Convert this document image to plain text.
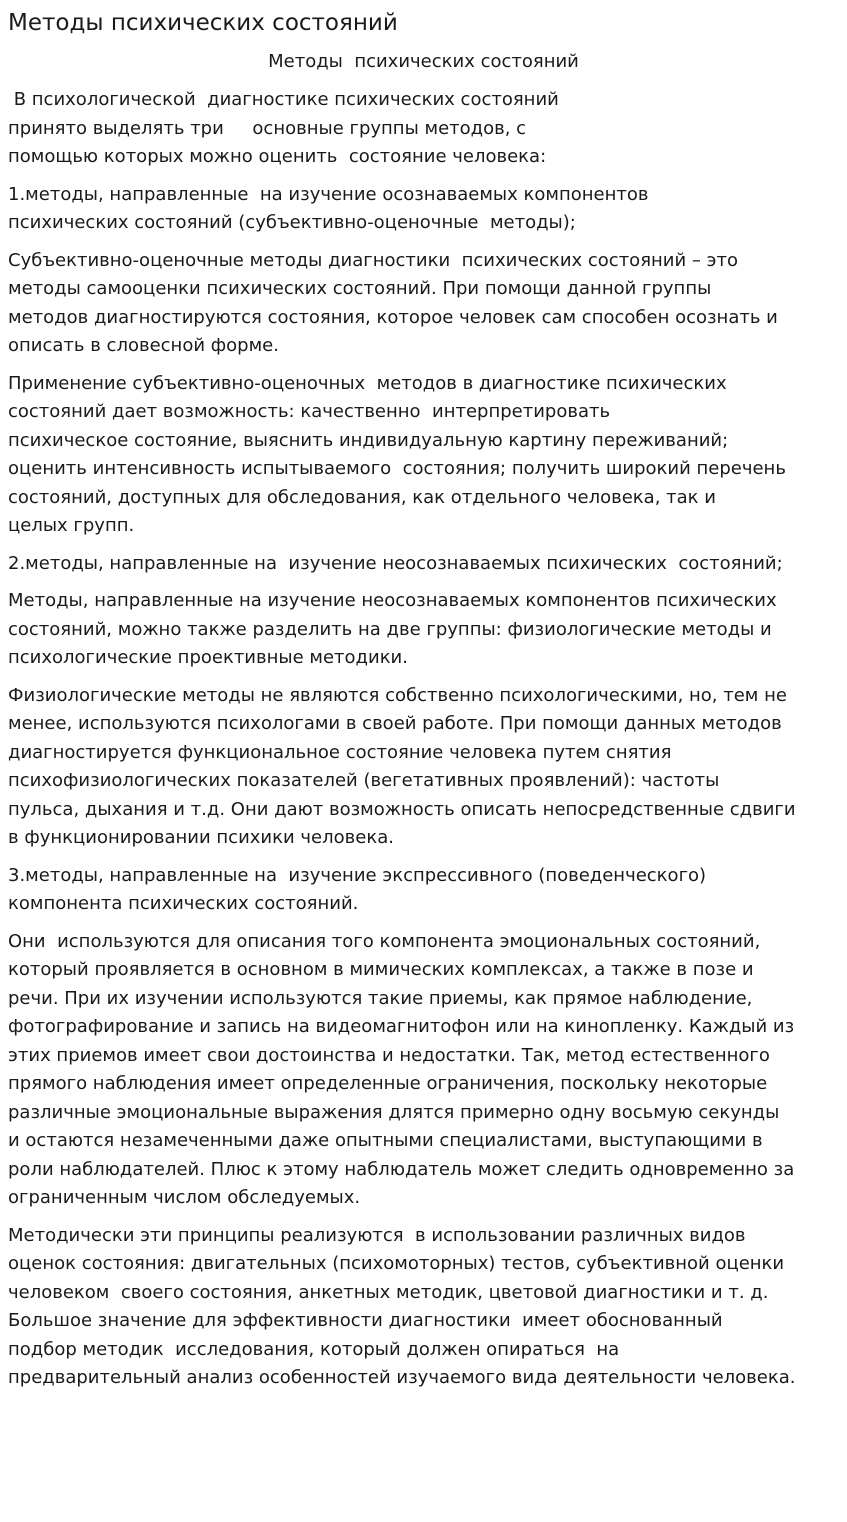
Методы психических состояний
Методы  психических состояний

В психологической  диагностике психических состояний
принято выделять три     основные группы методов, с
помощью которых можно оценить  состояние человека:

1.методы, направленные  на изучение осознаваемых компонентов
психических состояний (субъективно-оценочные  методы);

Субъективно-оценочные методы диагностики  психических состояний – это
методы самооценки психических состояний. При помощи данной группы
методов диагностируются состояния, которое человек сам способен осознать и
описать в словесной форме.

Применение субъективно-оценочных  методов в диагностике психических
состояний дает возможность: качественно  интерпретировать
психическое состояние, выяснить индивидуальную картину переживаний;
оценить интенсивность испытываемого  состояния; получить широкий перечень
состояний, доступных для обследования, как отдельного человека, так и
целых групп.

2.методы, направленные на  изучение неосознаваемых психических  состояний;

Методы, направленные на изучение неосознаваемых компонентов психических
состояний, можно также разделить на две группы: физиологические методы и
психологические проективные методики.

Физиологические методы не являются собственно психологическими, но, тем не
менее, используются психологами в своей работе. При помощи данных методов
диагностируется функциональное состояние человека путем снятия
психофизиологических показателей (вегетативных проявлений): частоты
пульса, дыхания и т.д. Они дают возможность описать непосредственные сдвиги
в функционировании психики человека.

3.методы, направленные на  изучение экспрессивного (поведенческого)
компонента психических состояний.

Они  используются для описания того компонента эмоциональных состояний,
который проявляется в основном в мимических комплексах, а также в позе и
речи. При их изучении используются такие приемы, как прямое наблюдение,
фотографирование и запись на видеомагнитофон или на кинопленку. Каждый из
этих приемов имеет свои достоинства и недостатки. Так, метод естественного
прямого наблюдения имеет определенные ограничения, поскольку некоторые
различные эмоциональные выражения длятся примерно одну восьмую секунды
и остаются незамеченными даже опытными специалистами, выступающими в
роли наблюдателей. Плюс к этому наблюдатель может следить одновременно за
ограниченным числом обследуемых.

Методически эти принципы реализуются  в использовании различных видов
оценок состояния: двигательных (психомоторных) тестов, субъективной оценки
человеком  своего состояния, анкетных методик, цветовой диагностики и т. д.
Большое значение для эффективности диагностики  имеет обоснованный
подбор методик  исследования, который должен опираться  на
предварительный анализ особенностей изучаемого вида деятельности человека.
